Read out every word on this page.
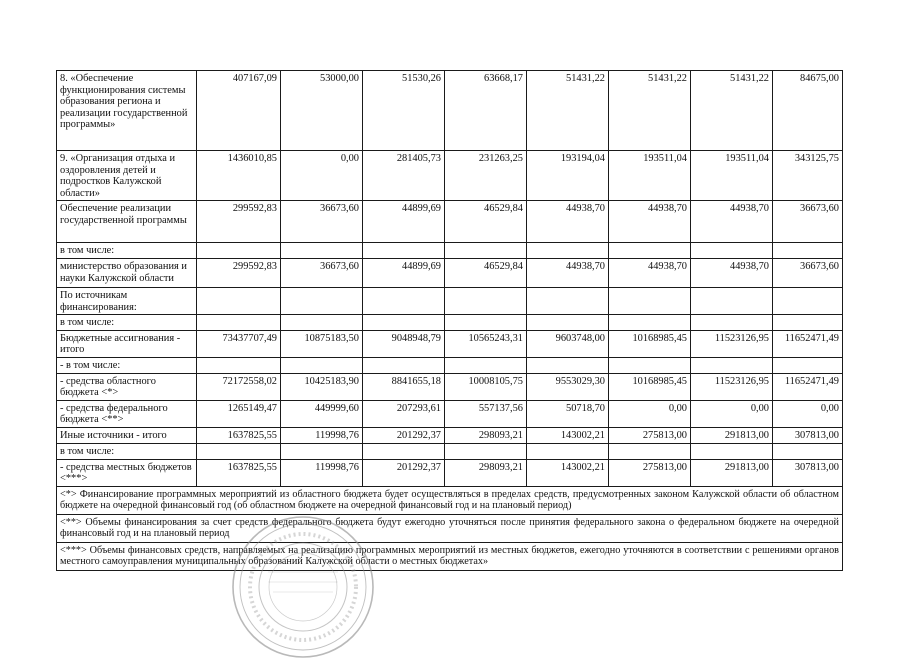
8. «Обеспечение функционирования системы образования региона и реализации государственной программы»	407167,09	53000,00	51530,26	63668,17	51431,22	51431,22	51431,22	84675,00
9. «Организация отдыха и оздоровления детей и подростков Калужской области»	1436010,85	0,00	281405,73	231263,25	193194,04	193511,04	193511,04	343125,75
Обеспечение реализации государственной программы	299592,83	36673,60	44899,69	46529,84	44938,70	44938,70	44938,70	36673,60
в том числе:								
министерство образования и науки Калужской области	299592,83	36673,60	44899,69	46529,84	44938,70	44938,70	44938,70	36673,60
По источникам финансирования:								
в том числе:								
Бюджетные ассигнования - итого	73437707,49	10875183,50	9048948,79	10565243,31	9603748,00	10168985,45	11523126,95	11652471,49
- в том числе:								
- средства областного бюджета <*>	72172558,02	10425183,90	8841655,18	10008105,75	9553029,30	10168985,45	11523126,95	11652471,49
- средства федерального бюджета <**>	1265149,47	449999,60	207293,61	557137,56	50718,70	0,00	0,00	0,00
Иные источники - итого	1637825,55	119998,76	201292,37	298093,21	143002,21	275813,00	291813,00	307813,00
в том числе:								
- средства местных бюджетов <***>	1637825,55	119998,76	201292,37	298093,21	143002,21	275813,00	291813,00	307813,00
<*> Финансирование программных мероприятий из областного бюджета будет осуществляться в пределах средств, предусмотренных законом Калужской области об областном бюджете на очередной финансовый год (об областном бюджете на очередной финансовый год и на плановый период)								
<**> Объемы финансирования за счет средств федерального бюджета будут ежегодно уточняться после принятия федерального закона о федеральном бюджете на очередной финансовый год и на плановый период								
<***> Объемы финансовых средств, направляемых на реализацию программных мероприятий из местных бюджетов, ежегодно уточняются в соответствии с решениями органов местного самоуправления муниципальных образований Калужской области о местных бюджетах»								
